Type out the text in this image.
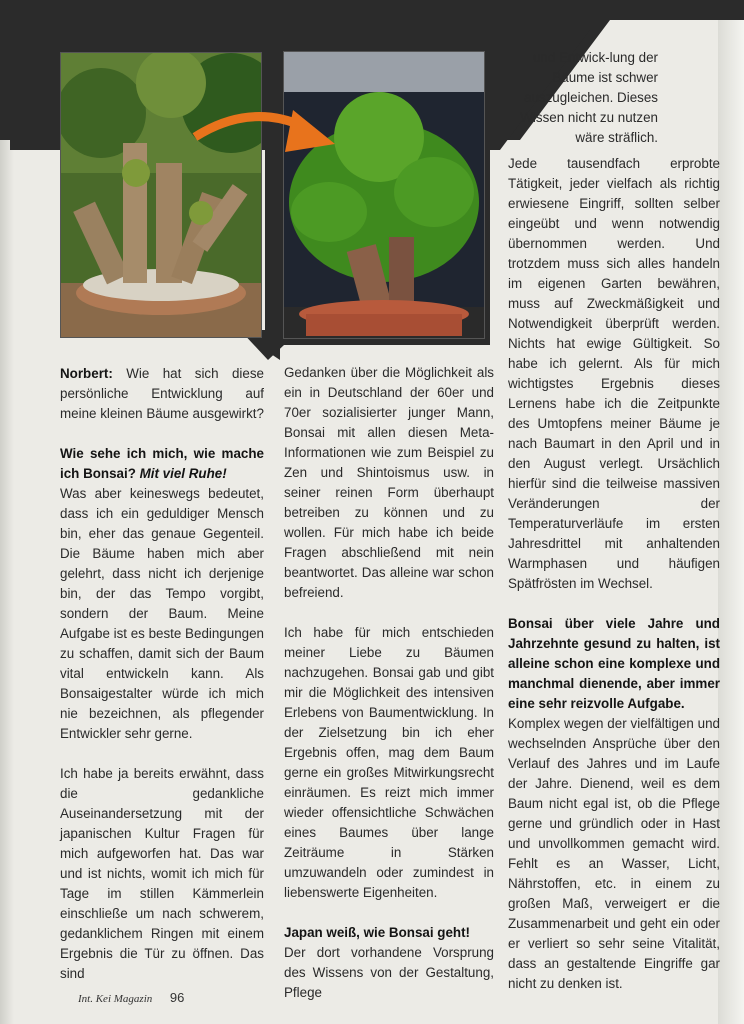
und Entwick-lung der Bäume ist schwer auszugleichen. Dieses Wissen nicht zu nutzen wäre sträflich.

Norbert: Wie hat sich diese persönliche Entwicklung auf meine kleinen Bäume ausgewirkt?

Wie sehe ich mich, wie mache ich Bonsai? Mit viel Ruhe!

Was aber keineswegs bedeutet, dass ich ein geduldiger Mensch bin, eher das genaue Gegenteil. Die Bäume haben mich aber gelehrt, dass nicht ich derjenige bin, der das Tempo vorgibt, sondern der Baum. Meine Aufgabe ist es beste Bedingungen zu schaffen, damit sich der Baum vital entwickeln kann. Als Bonsaigestalter würde ich mich nie bezeichnen, als pflegender Entwickler sehr gerne.

Ich habe ja bereits erwähnt, dass die gedankliche Auseinandersetzung mit der japanischen Kultur Fragen für mich aufgeworfen hat. Das war und ist nichts, womit ich mich für Tage im stillen Kämmerlein einschließe um nach schwerem, gedanklichem Ringen mit einem Ergebnis die Tür zu öffnen. Das sind

Gedanken über die Möglichkeit als ein in Deutschland der 60er und 70er sozialisierter junger Mann, Bonsai mit allen diesen Meta-Informationen wie zum Beispiel zu Zen und Shintoismus usw. in seiner reinen Form überhaupt betreiben zu können und zu wollen. Für mich habe ich beide Fragen abschließend mit nein beantwortet. Das alleine war schon befreiend.

Ich habe für mich entschieden meiner Liebe zu Bäumen nachzugehen. Bonsai gab und gibt mir die Möglichkeit des intensiven Erlebens von Baumentwicklung. In der Zielsetzung bin ich eher Ergebnis offen, mag dem Baum gerne ein großes Mitwirkungsrecht einräumen. Es reizt mich immer wieder offensichtliche Schwächen eines Baumes über lange Zeiträume in Stärken umzuwandeln oder zumindest in liebenswerte Eigenheiten.

Japan weiß, wie Bonsai geht!

Der dort vorhandene Vorsprung des Wissens von der Gestaltung, Pflege

Jede tausendfach erprobte Tätigkeit, jeder vielfach als richtig erwiesene Eingriff, sollten selber eingeübt und wenn notwendig übernommen werden. Und trotzdem muss sich alles handeln im eigenen Garten bewähren, muss auf Zweckmäßigkeit und Notwendigkeit überprüft werden. Nichts hat ewige Gültigkeit. So habe ich gelernt. Als für mich wichtigstes Ergebnis dieses Lernens habe ich die Zeitpunkte des Umtopfens meiner Bäume je nach Baumart in den April und in den August verlegt. Ursächlich hierfür sind die teilweise massiven Veränderungen der Temperaturverläufe im ersten Jahresdrittel mit anhaltenden Warmphasen und häufigen Spätfrösten im Wechsel.

Bonsai über viele Jahre und Jahrzehnte gesund zu halten, ist alleine schon eine komplexe und manchmal dienende, aber immer eine sehr reizvolle Aufgabe.

Komplex wegen der vielfältigen und wechselnden Ansprüche über den Verlauf des Jahres und im Laufe der Jahre. Dienend, weil es dem Baum nicht egal ist, ob die Pflege gerne und gründlich oder in Hast und unvollkommen gemacht wird. Fehlt es an Wasser, Licht, Nährstoffen, etc. in einem zu großen Maß, verweigert er die Zusammenarbeit und geht ein oder er verliert so sehr seine Vitalität, dass an gestaltende Eingriffe gar nicht zu denken ist.

Int. Kei Magazin 96
